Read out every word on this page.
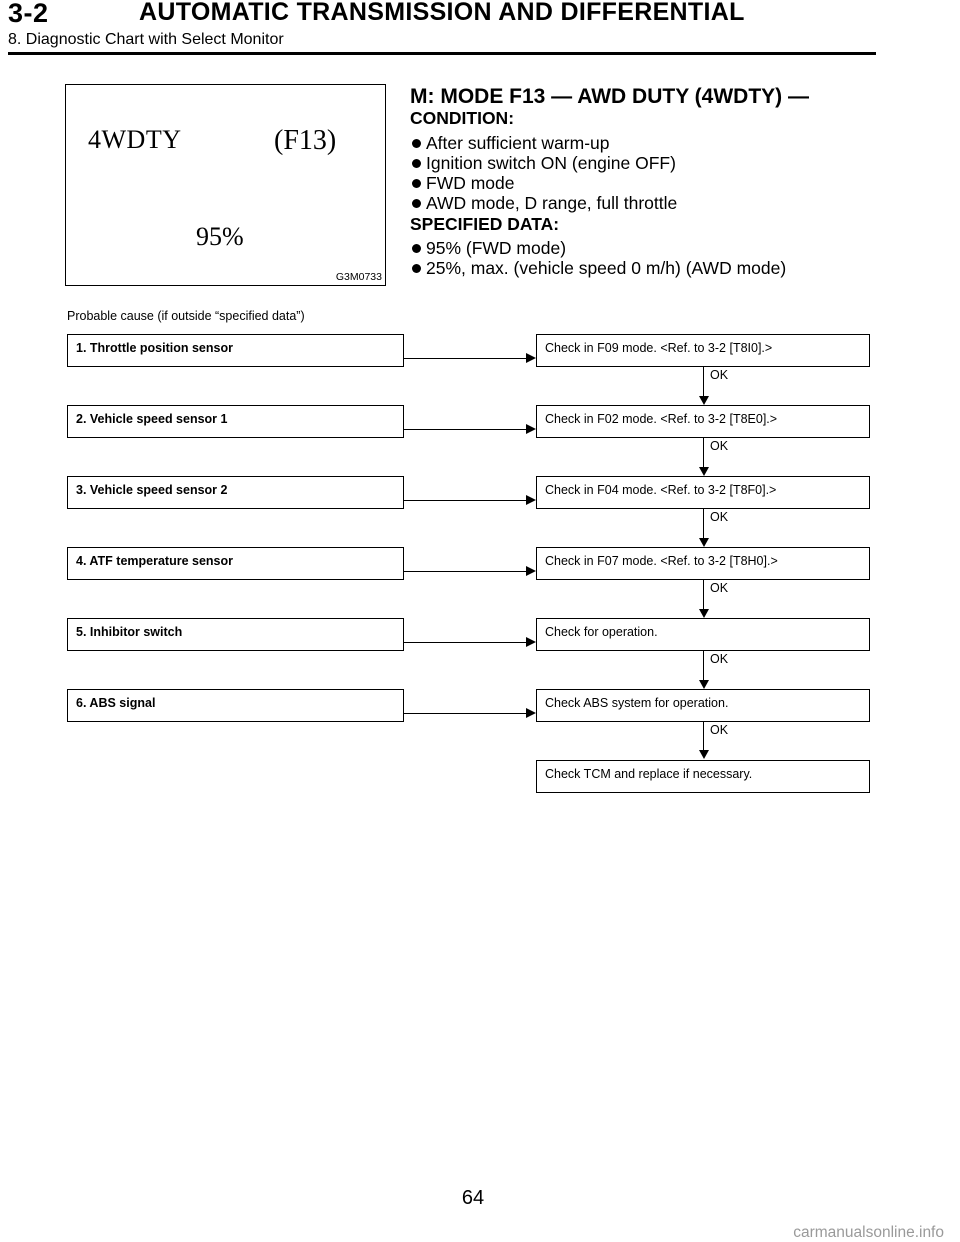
3-2	AUTOMATIC TRANSMISSION AND DIFFERENTIAL
8. Diagnostic Chart with Select Monitor
4WDTY	(F13)
95%
G3M0733
M: MODE F13 — AWD DUTY (4WDTY) —
CONDITION:
After sufficient warm-up
Ignition switch ON (engine OFF)
FWD mode
AWD mode, D range, full throttle
SPECIFIED DATA:
95% (FWD mode)
25%, max. (vehicle speed 0 m/h) (AWD mode)
Probable cause (if outside “specified data”)
1. Throttle position sensor	Check in F09 mode. <Ref. to 3-2 [T8I0].>
OK
2. Vehicle speed sensor 1	Check in F02 mode. <Ref. to 3-2 [T8E0].>
OK
3. Vehicle speed sensor 2	Check in F04 mode. <Ref. to 3-2 [T8F0].>
OK
4. ATF temperature sensor	Check in F07 mode. <Ref. to 3-2 [T8H0].>
OK
5. Inhibitor switch	Check for operation.
OK
6. ABS signal	Check ABS system for operation.
OK
Check TCM and replace if necessary.
64
carmanualsonline.info
